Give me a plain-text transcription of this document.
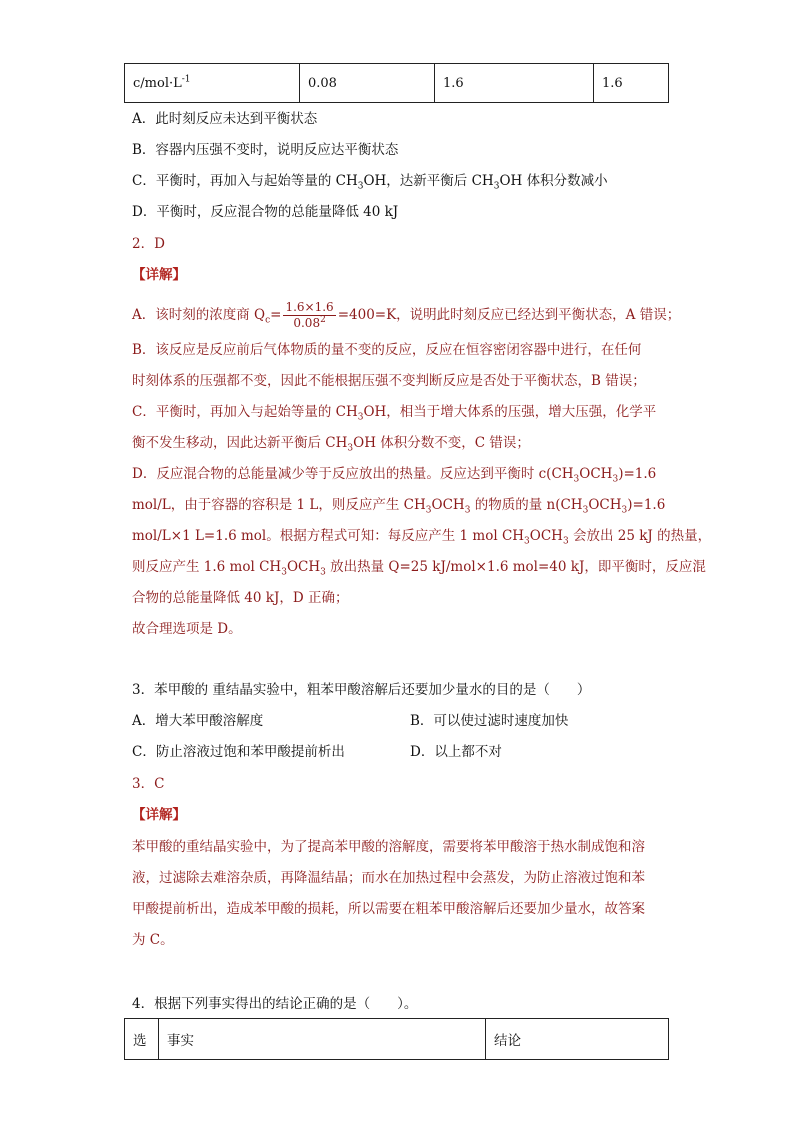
$c/mol\cdot L^{-1}$	0.08	1.6	1.6
A．此时刻反应未达到平衡状态
B．容器内压强不变时，说明反应达平衡状态
C．平衡时，再加入与起始等量的 $CH_3OH$，达新平衡后 $CH_3OH$ 体积分数减小
D．平衡时，反应混合物的总能量降低 40 kJ
2．D
【详解】
A．该时刻的浓度商 $Q_c= \frac{1.6\times 1.6}{0.08^2} =400=K$，说明此时刻反应已经达到平衡状态，A 错误；
B．该反应是反应前后气体物质的量不变的反应，反应在恒容密闭容器中进行，在任何
时刻体系的压强都不变，因此不能根据压强不变判断反应是否处于平衡状态，B 错误；
C．平衡时，再加入与起始等量的 $CH_3OH$，相当于增大体系的压强，增大压强，化学平
衡不发生移动，因此达新平衡后 $CH_3OH$ 体积分数不变，C 错误；
D．反应混合物的总能量减少等于反应放出的热量。反应达到平衡时 $c(CH_3OCH_3)=1.6$
mol/L，由于容器的容积是 1 L，则反应产生 $CH_3OCH_3$ 的物质的量 $n(CH_3OCH_3)=1.6$
mol/L×1 L=1.6 mol。根据方程式可知：每反应产生 1 mol $CH_3OCH_3$ 会放出 25 kJ 的热量，
则反应产生 1.6 mol $CH_3OCH_3$ 放出热量 Q=25 kJ/mol×1.6 mol=40 kJ，即平衡时，反应混
合物的总能量降低 40 kJ，D 正确；
故合理选项是 D。
3．苯甲酸的 重结晶实验中，粗苯甲酸溶解后还要加少量水的目的是（　　）
A．增大苯甲酸溶解度	B．可以使过滤时速度加快
C．防止溶液过饱和苯甲酸提前析出	D．以上都不对
3．C
【详解】
苯甲酸的重结晶实验中，为了提高苯甲酸的溶解度，需要将苯甲酸溶于热水制成饱和溶
液，过滤除去难溶杂质，再降温结晶；而水在加热过程中会蒸发，为防止溶液过饱和苯
甲酸提前析出，造成苯甲酸的损耗，所以需要在粗苯甲酸溶解后还要加少量水，故答案
为 C。
4．根据下列事实得出的结论正确的是（　　）。
选	事实	结论
